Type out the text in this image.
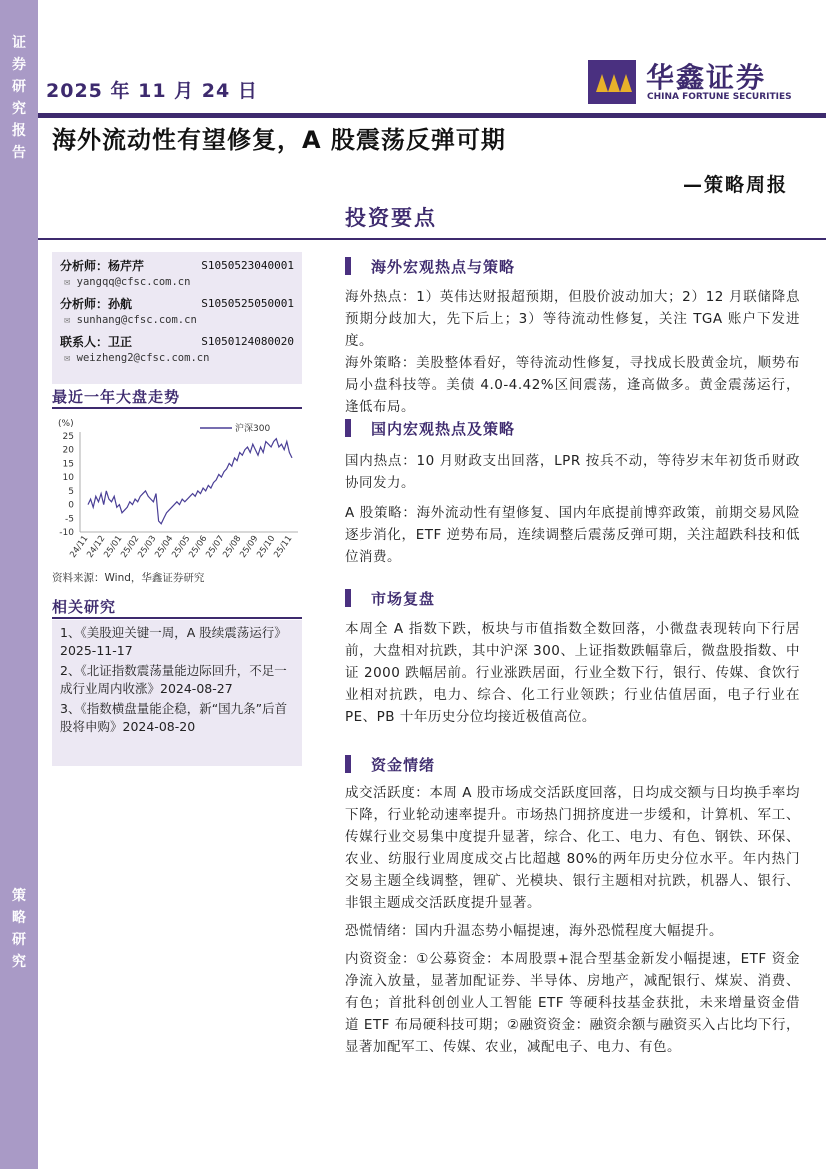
证
券
研
究
报
告
策
略
研
究
2025 年 11 月 24 日	华鑫证券
CHINA FORTUNE SECURITIES
海外流动性有望修复，A 股震荡反弹可期
—策略周报
投资要点
分析师：杨芹芹	S1050523040001
✉ yangqq@cfsc.com.cn
分析师：孙航	S1050525050001
✉ sunhang@cfsc.com.cn
联系人：卫正	S1050124080020
✉ weizheng2@cfsc.com.cn
最近一年大盘走势
(%)
25
20
15
10
5
0
-5
-10
24/11
24/12
25/01
25/02
25/03
25/04
25/05
25/06
25/07
25/08
25/09
25/10
25/11
沪深300
资料来源：Wind，华鑫证券研究
相关研究
1、《美股迎关键一周，A 股续震荡运行》2025-11-17
2、《北证指数震荡量能边际回升，不足一成行业周内收涨》2024-08-27
3、《指数横盘量能企稳，新“国九条”后首股将申购》2024-08-20
海外宏观热点与策略
海外热点：1）英伟达财报超预期，但股价波动加大；2）12 月联储降息预期分歧加大，先下后上；3）等待流动性修复，关注 TGA 账户下发进度。
海外策略：美股整体看好，等待流动性修复，寻找成长股黄金坑，顺势布局小盘科技等。美债 4.0-4.42%区间震荡，逢高做多。黄金震荡运行，逢低布局。
国内宏观热点及策略
国内热点：10 月财政支出回落，LPR 按兵不动，等待岁末年初货币财政协同发力。
A 股策略：海外流动性有望修复、国内年底提前博弈政策，前期交易风险逐步消化，ETF 逆势布局，连续调整后震荡反弹可期，关注超跌科技和低位消费。
市场复盘
本周全 A 指数下跌，板块与市值指数全数回落，小微盘表现转向下行居前，大盘相对抗跌，其中沪深 300、上证指数跌幅靠后，微盘股指数、中证 2000 跌幅居前。行业涨跌居面，行业全数下行，银行、传媒、食饮行业相对抗跌，电力、综合、化工行业领跌；行业估值居面，电子行业在 PE、PB 十年历史分位均接近极值高位。
资金情绪
成交活跃度：本周 A 股市场成交活跃度回落，日均成交额与日均换手率均下降，行业轮动速率提升。市场热门拥挤度进一步缓和，计算机、军工、传媒行业交易集中度提升显著，综合、化工、电力、有色、钢铁、环保、农业、纺服行业周度成交占比超越 80%的两年历史分位水平。年内热门交易主题全线调整，锂矿、光模块、银行主题相对抗跌，机器人、银行、非银主题成交活跃度提升显著。
恐慌情绪：国内升温态势小幅提速，海外恐慌程度大幅提升。
内资资金：①公募资金：本周股票+混合型基金新发小幅提速，ETF 资金净流入放量，显著加配证券、半导体、房地产，减配银行、煤炭、消费、有色；首批科创创业人工智能 ETF 等硬科技基金获批，未来增量资金借道 ETF 布局硬科技可期；②融资资金：融资余额与融资买入占比均下行，显著加配军工、传媒、农业，减配电子、电力、有色。
